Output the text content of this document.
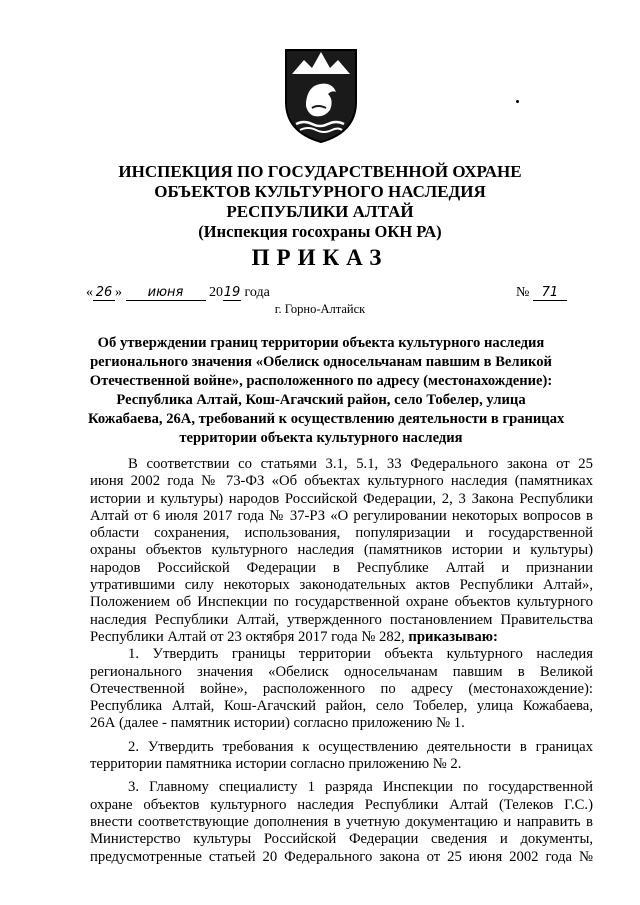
ИНСПЕКЦИЯ ПО ГОСУДАРСТВЕННОЙ ОХРАНЕ

ОБЪЕКТОВ КУЛЬТУРНОГО НАСЛЕДИЯ

РЕСПУБЛИКИ АЛТАЙ

(Инспекция госохраны ОКН РА)

ПРИКАЗ

« 26 » июня 2019 года	№ 71
г. Горно-Алтайск
Об утверждении границ территории объекта культурного наследия
регионального значения «Обелиск односельчанам павшим в Великой
Отечественной войне», расположенного по адресу (местонахождение):
Республика Алтай, Кош-Агачский район, село Тобелер, улица
Кожабаева, 26А, требований к осуществлению деятельности в границах
территории объекта культурного наследия
В соответствии со статьями 3.1, 5.1, 33 Федерального закона от 25
июня 2002 года № 73-ФЗ «Об объектах культурного наследия (памятниках
истории и культуры) народов Российской Федерации, 2, 3 Закона Республики
Алтай от 6 июля 2017 года № 37-РЗ «О регулировании некоторых вопросов в
области сохранения, использования, популяризации и государственной
охраны объектов культурного наследия (памятников истории и культуры)
народов Российской Федерации в Республике Алтай и признании
утратившими силу некоторых законодательных актов Республики Алтай»,
Положением об Инспекции по государственной охране объектов культурного
наследия Республики Алтай, утвержденного постановлением Правительства
Республики Алтай от 23 октября 2017 года № 282, приказываю:
1. Утвердить границы территории объекта культурного наследия
регионального значения «Обелиск односельчанам павшим в Великой
Отечественной войне», расположенного по адресу (местонахождение):
Республика Алтай, Кош-Агачский район, село Тобелер, улица Кожабаева,
26А (далее - памятник истории) согласно приложению № 1.
2. Утвердить требования к осуществлению деятельности в границах
территории памятника истории согласно приложению № 2.
3. Главному специалисту 1 разряда Инспекции по государственной
охране объектов культурного наследия Республики Алтай (Телеков Г.С.)
внести соответствующие дополнения в учетную документацию и направить в
Министерство культуры Российской Федерации сведения и документы,
предусмотренные статьей 20 Федерального закона от 25 июня 2002 года №
